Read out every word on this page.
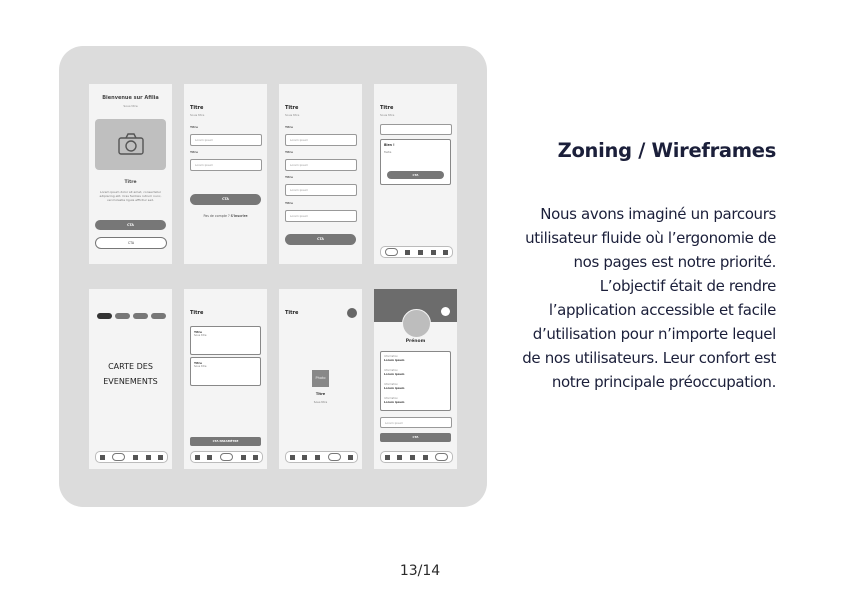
Bienvenue sur Afilia
Sous titre
Titre
Lorem ipsum dolor sit amet, consectetur adipiscing elit. Cras facilisis rutrum nunc, vel molestie ligula efficitur sed.
CTA
CTA
Titre
Sous titre
Titre
Lorem ipsum
Titre
Lorem ipsum
CTA
Pas de compte ? S'inscrire
Titre
Sous titre
Titre
Lorem ipsum
Titre
Lorem ipsum
Titre
Lorem ipsum
Titre
Lorem ipsum
CTA
Titre
Sous titre
Bien !
Texte
CTA
CARTE DES
EVENEMENTS
Titre
Titre
Sous titre
Titre
Sous titre
CTA PARAMÈTRE
Titre
Photo
Titre
Sous titre
Prénom
Information
Lorem ipsum
Information
Lorem ipsum
Information
Lorem ipsum
Information
Lorem ipsum
Lorem ipsum
CTA
Zoning / Wireframes
Nous avons imaginé un parcours utilisateur fluide où l’ergonomie de nos pages est notre priorité. L’objectif était de rendre l’application accessible et facile d’utilisation pour n’importe lequel de nos utilisateurs. Leur confort est notre principale préoccupation.
13/14
